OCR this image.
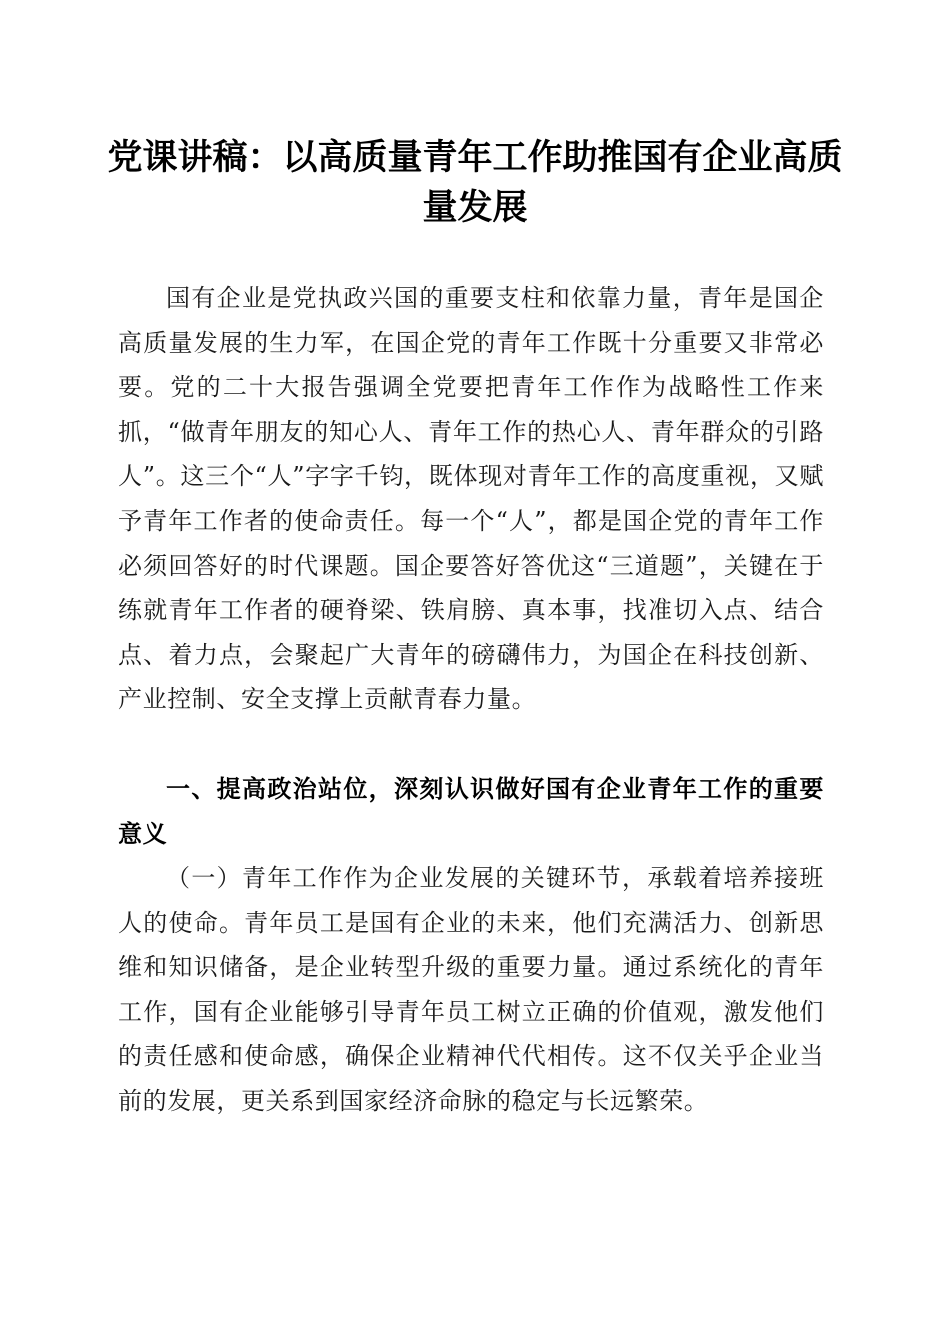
党课讲稿：以高质量青年工作助推国有企业高质量发展

国有企业是党执政兴国的重要支柱和依靠力量，青年是国企高质量发展的生力军，在国企党的青年工作既十分重要又非常必要。党的二十大报告强调全党要把青年工作作为战略性工作来抓，“做青年朋友的知心人、青年工作的热心人、青年群众的引路人”。这三个“人”字字千钧，既体现对青年工作的高度重视，又赋予青年工作者的使命责任。每一个“人”，都是国企党的青年工作必须回答好的时代课题。国企要答好答优这“三道题”，关键在于练就青年工作者的硬脊梁、铁肩膀、真本事，找准切入点、结合点、着力点，会聚起广大青年的磅礴伟力，为国企在科技创新、产业控制、安全支撑上贡献青春力量。

一、提高政治站位，深刻认识做好国有企业青年工作的重要意义

（一）青年工作作为企业发展的关键环节，承载着培养接班人的使命。青年员工是国有企业的未来，他们充满活力、创新思维和知识储备，是企业转型升级的重要力量。通过系统化的青年工作，国有企业能够引导青年员工树立正确的价值观，激发他们的责任感和使命感，确保企业精神代代相传。这不仅关乎企业当前的发展，更关系到国家经济命脉的稳定与长远繁荣。
